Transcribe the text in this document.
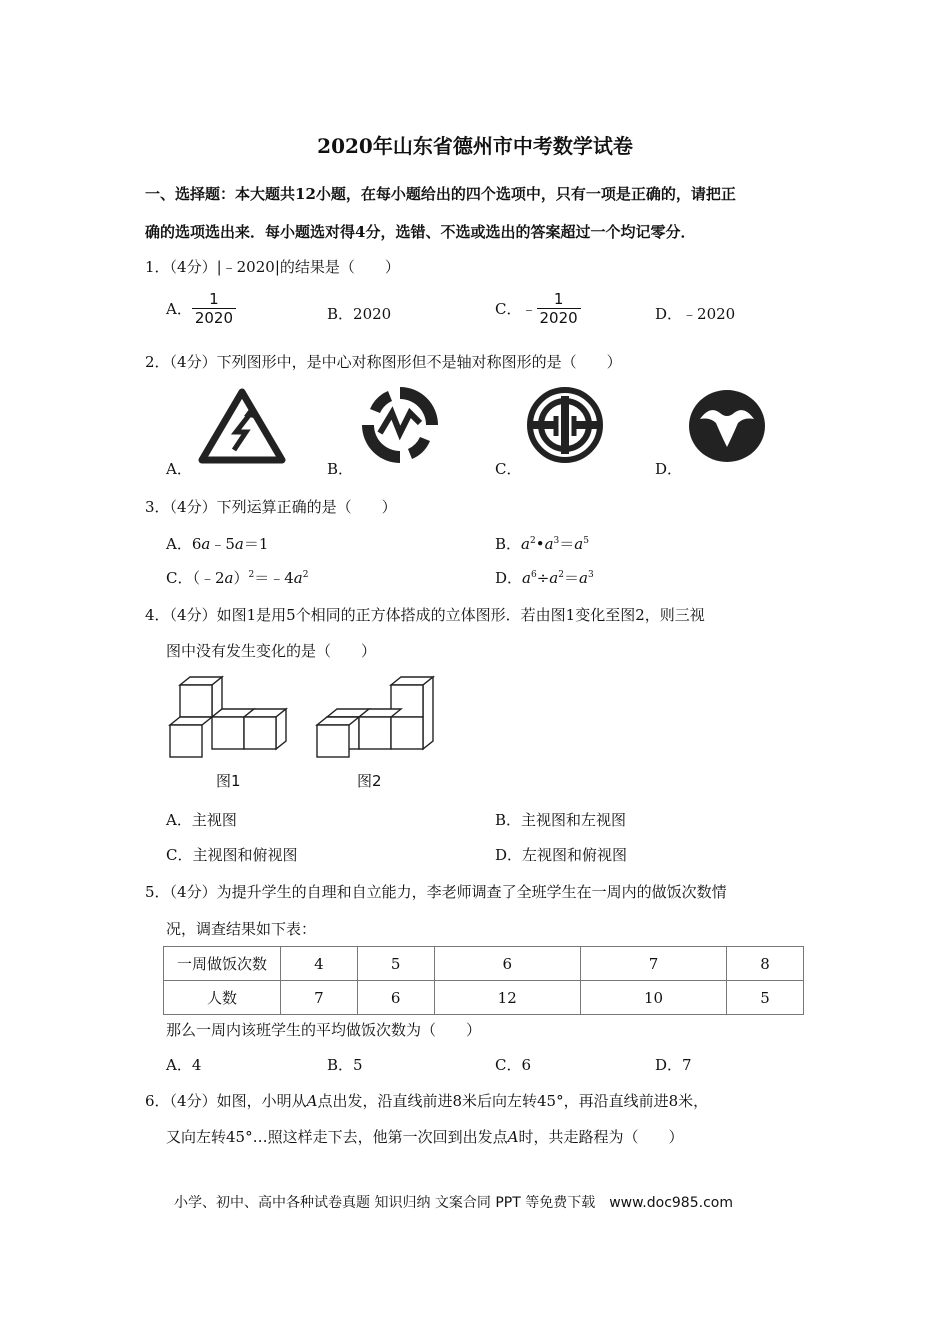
2020年山东省德州市中考数学试卷
一、选择题：本大题共12小题，在每小题给出的四个选项中，只有一项是正确的，请把正
确的选项选出来．每小题选对得4分，选错、不选或选出的答案超过一个均记零分．
1．（4分）|﹣2020|的结果是（　　）
A． $\frac{1}{2020}$	B．2020	C．﹣ $\frac{1}{2020}$	D．﹣2020
2．（4分）下列图形中，是中心对称图形但不是轴对称图形的是（　　）
A．	B．	C．	D．
3．（4分）下列运算正确的是（　　）
A．6a﹣5a＝1	B．$a^2•a^3=a^5$
C．$(﹣2a)^2=﹣4a^2$	D．$a^6\div a^2=a^3$
4．（4分）如图1是用5个相同的正方体搭成的立体图形．若由图1变化至图2，则三视
图中没有发生变化的是（　　）
图1	图2
A．主视图	B．主视图和左视图
C．主视图和俯视图	D．左视图和俯视图
5．（4分）为提升学生的自理和自立能力，李老师调查了全班学生在一周内的做饭次数情
况，调查结果如下表：
一周做饭次数	4	5	6	7	8
人数	7	6	12	10	5
那么一周内该班学生的平均做饭次数为（　　）
A．4	B．5	C．6	D．7
6．（4分）如图，小明从A点出发，沿直线前进8米后向左转45°，再沿直线前进8米，
又向左转45°…照这样走下去，他第一次回到出发点A时，共走路程为（　　）
小学、初中、高中各种试卷真题 知识归纳 文案合同 PPT 等免费下载　www.doc985.com
